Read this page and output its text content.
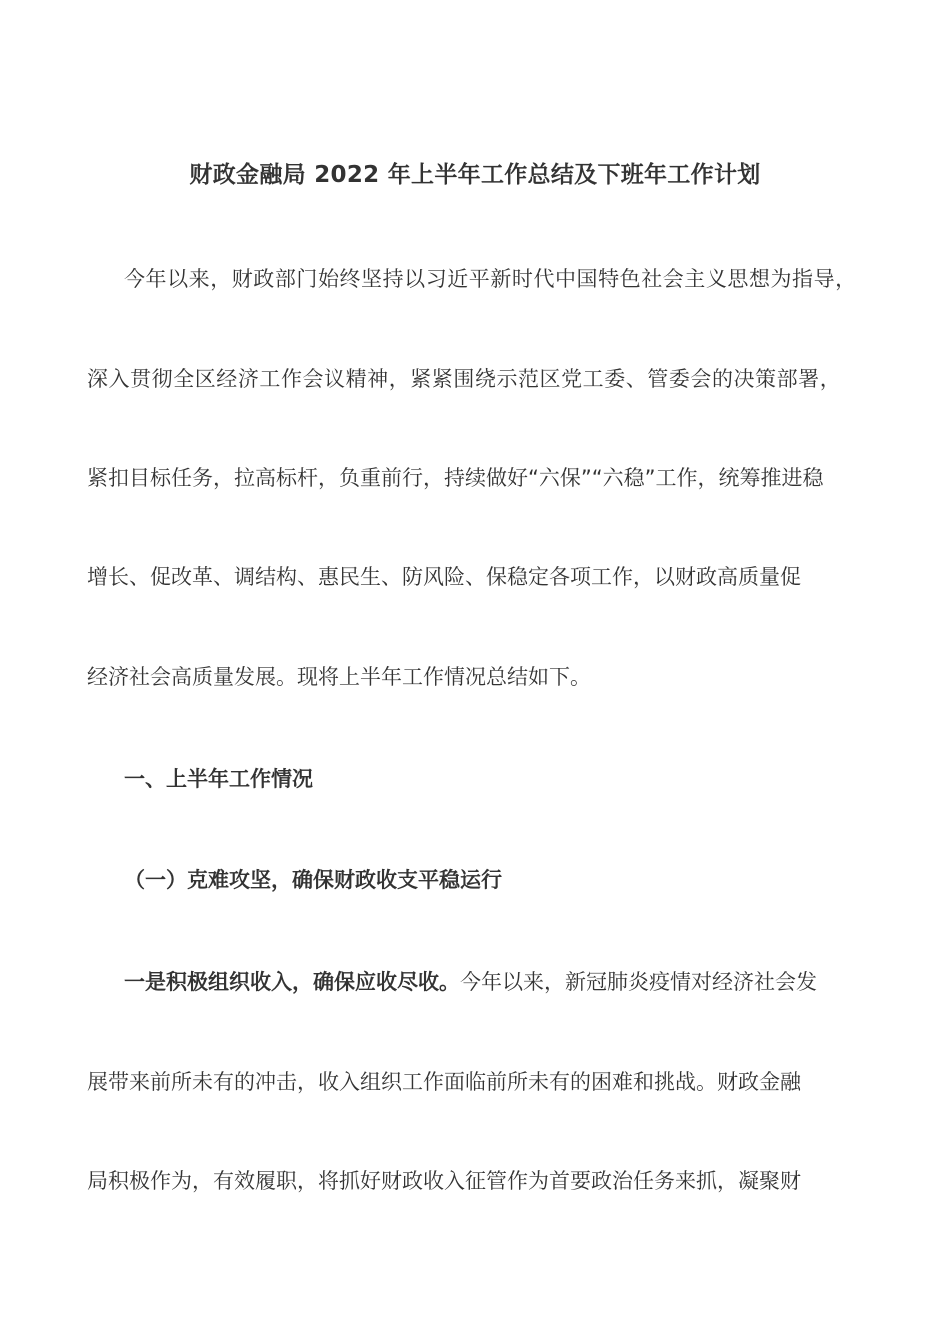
财政金融局 2022 年上半年工作总结及下班年工作计划
今年以来，财政部门始终坚持以习近平新时代中国特色社会主义思想为指导，
深入贯彻全区经济工作会议精神，紧紧围绕示范区党工委、管委会的决策部署，
紧扣目标任务，拉高标杆，负重前行，持续做好“六保”“六稳”工作，统筹推进稳
增长、促改革、调结构、惠民生、防风险、保稳定各项工作，以财政高质量促
经济社会高质量发展。现将上半年工作情况总结如下。
一、上半年工作情况
（一）克难攻坚，确保财政收支平稳运行
一是积极组织收入，确保应收尽收。今年以来，新冠肺炎疫情对经济社会发
展带来前所未有的冲击，收入组织工作面临前所未有的困难和挑战。财政金融
局积极作为，有效履职，将抓好财政收入征管作为首要政治任务来抓，凝聚财
